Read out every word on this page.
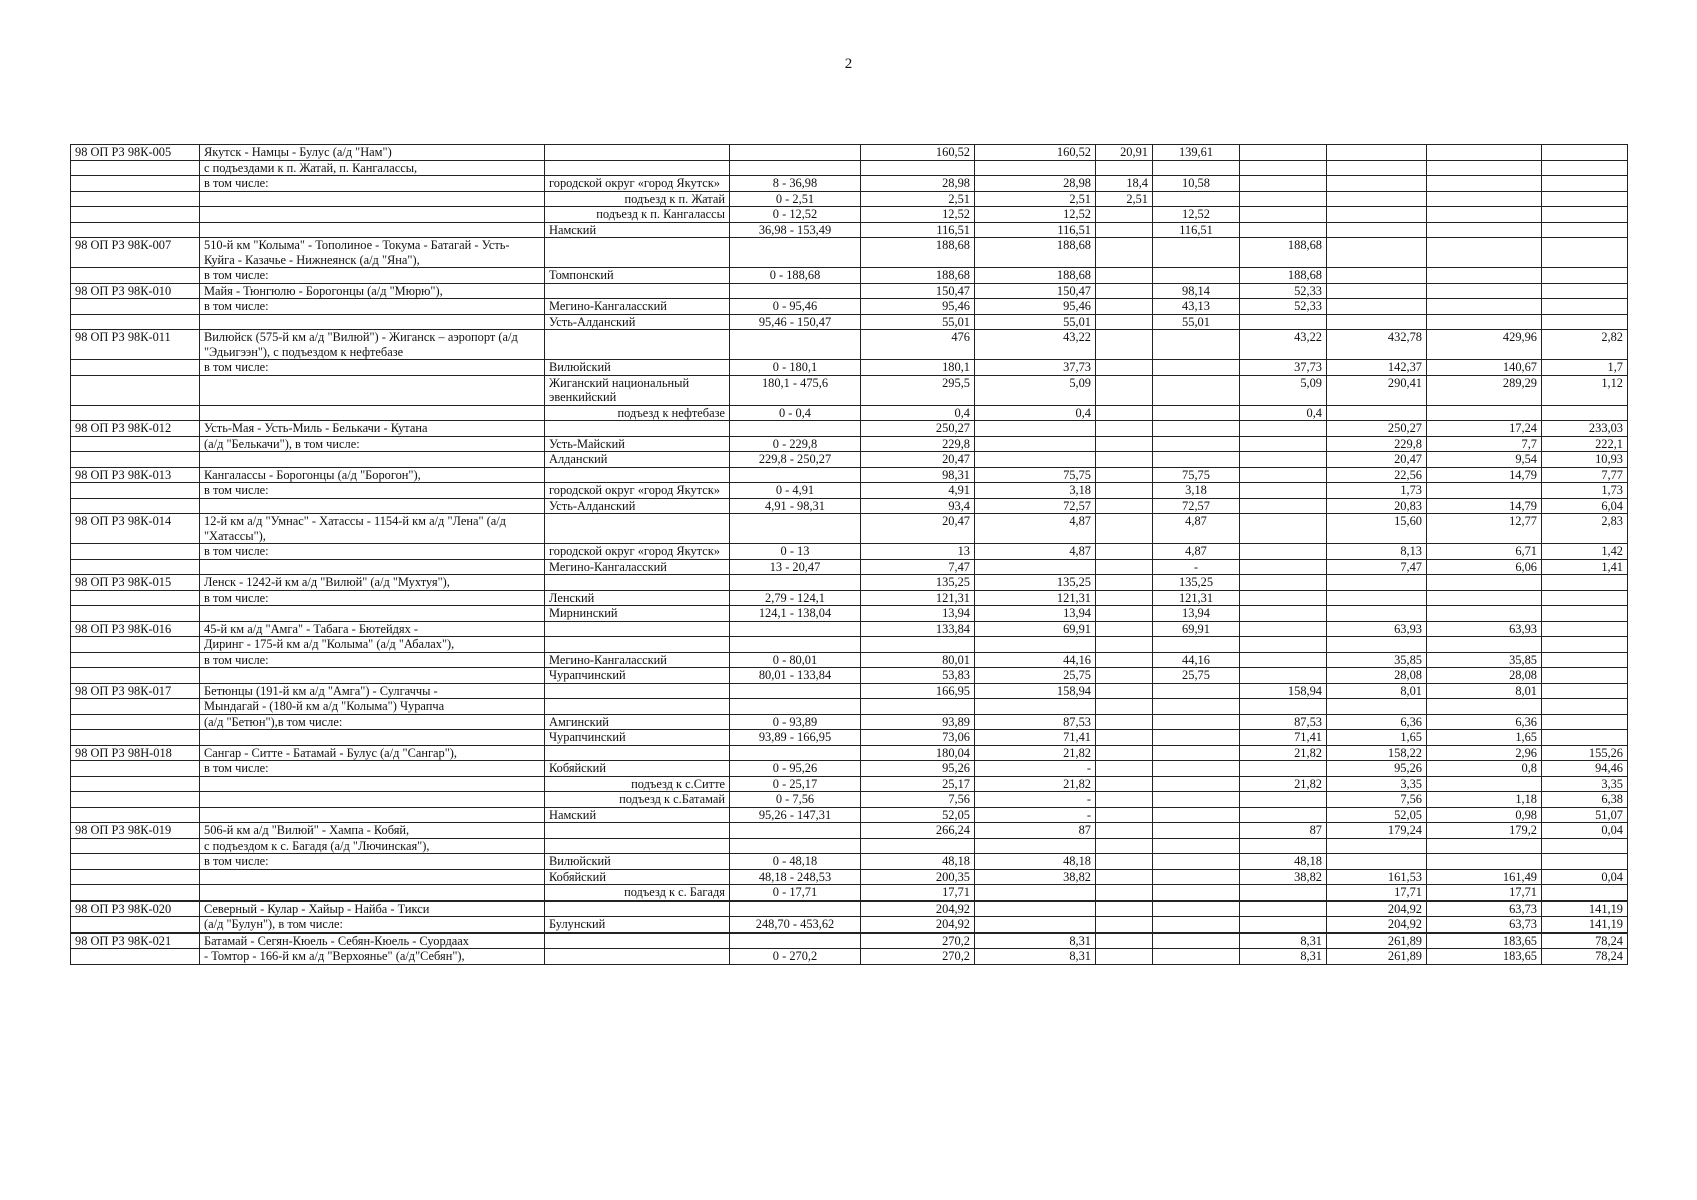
2
98 ОП РЗ 98К-005	Якутск - Намцы - Булус (а/д "Нам")			160,52	160,52	20,91	139,61				
	с подъездами к п. Жатай, п. Кангалассы,										
	в том числе:	городской округ «город Якутск»	8 - 36,98	28,98	28,98	18,4	10,58				
		подъезд к п. Жатай	0 - 2,51	2,51	2,51	2,51					
		подъезд к п. Кангалассы	0 - 12,52	12,52	12,52		12,52				
		Намский	36,98 - 153,49	116,51	116,51		116,51				
98 ОП РЗ 98К-007	510-й км "Колыма" - Тополиное - Токума - Батагай - Усть-Куйга - Казачье - Нижнеянск (а/д "Яна"),			188,68	188,68			188,68			
	в том числе:	Томпонский	0 - 188,68	188,68	188,68			188,68			
98 ОП РЗ 98К-010	Майя - Тюнгюлю - Борогонцы (а/д "Мюрю"),			150,47	150,47		98,14	52,33			
	в том числе:	Мегино-Кангаласский	0 - 95,46	95,46	95,46		43,13	52,33			
		Усть-Алданский	95,46 - 150,47	55,01	55,01		55,01				
98 ОП РЗ 98К-011	Вилюйск (575-й км а/д "Вилюй") - Жиганск – аэропорт (а/д "Эдьигээн"), с подъездом к нефтебазе			476	43,22			43,22	432,78	429,96	2,82
	в том числе:	Вилюйский	0 - 180,1	180,1	37,73			37,73	142,37	140,67	1,7
		Жиганский национальный эвенкийский	180,1 - 475,6	295,5	5,09			5,09	290,41	289,29	1,12
		подъезд к нефтебазе	0 - 0,4	0,4	0,4			0,4			
98 ОП РЗ 98К-012	Усть-Мая - Усть-Миль - Белькачи - Кутана			250,27					250,27	17,24	233,03
	(а/д "Белькачи"), в том числе:	Усть-Майский	0 - 229,8	229,8					229,8	7,7	222,1
		Алданский	229,8 - 250,27	20,47					20,47	9,54	10,93
98 ОП РЗ 98К-013	Кангалассы - Борогонцы (а/д "Борогон"),			98,31	75,75		75,75		22,56	14,79	7,77
	в том числе:	городской округ «город Якутск»	0 - 4,91	4,91	3,18		3,18		1,73		1,73
		Усть-Алданский	4,91 - 98,31	93,4	72,57		72,57		20,83	14,79	6,04
98 ОП РЗ 98К-014	12-й км а/д "Умнас" - Хатассы - 1154-й км а/д "Лена" (а/д "Хатассы"),			20,47	4,87		4,87		15,60	12,77	2,83
	в том числе:	городской округ «город Якутск»	0 - 13	13	4,87		4,87		8,13	6,71	1,42
		Мегино-Кангаласский	13 - 20,47	7,47			-		7,47	6,06	1,41
98 ОП РЗ 98К-015	Ленск - 1242-й км а/д "Вилюй" (а/д "Мухтуя"),			135,25	135,25		135,25				
	в том числе:	Ленский	2,79 - 124,1	121,31	121,31		121,31				
		Мирнинский	124,1 - 138,04	13,94	13,94		13,94				
98 ОП РЗ 98К-016	45-й км а/д "Амга" - Табага - Бютейдях -			133,84	69,91		69,91		63,93	63,93	
	Диринг - 175-й км а/д "Колыма" (а/д "Абалах"),										
	в том числе:	Мегино-Кангаласский	0 - 80,01	80,01	44,16		44,16		35,85	35,85	
		Чурапчинский	80,01 - 133,84	53,83	25,75		25,75		28,08	28,08	
98 ОП РЗ 98К-017	Бетюнцы (191-й км а/д "Амга") - Сулгаччы -			166,95	158,94			158,94	8,01	8,01	
	Мындагай - (180-й км а/д "Колыма") Чурапча										
	(а/д "Бетюн"),в том числе:	Амгинский	0 - 93,89	93,89	87,53			87,53	6,36	6,36	
		Чурапчинский	93,89 - 166,95	73,06	71,41			71,41	1,65	1,65	
98 ОП РЗ 98Н-018	Сангар - Ситте - Батамай - Булус (а/д "Сангар"),			180,04	21,82			21,82	158,22	2,96	155,26
	в том числе:	Кобяйский	0 - 95,26	95,26	-				95,26	0,8	94,46
		подъезд к с.Ситте	0 - 25,17	25,17	21,82			21,82	3,35		3,35
		подъезд к с.Батамай	0 - 7,56	7,56	-				7,56	1,18	6,38
		Намский	95,26 - 147,31	52,05	-				52,05	0,98	51,07
98 ОП РЗ 98К-019	506-й км а/д "Вилюй" - Хампа - Кобяй,			266,24	87			87	179,24	179,2	0,04
	с подъездом к с. Багадя (а/д "Лючинская"),										
	в том числе:	Вилюйский	0 - 48,18	48,18	48,18			48,18			
		Кобяйский	48,18 - 248,53	200,35	38,82			38,82	161,53	161,49	0,04
		подъезд к с. Багадя	0 - 17,71	17,71					17,71	17,71	

98 ОП РЗ 98К-020	Северный - Кулар - Хайыр - Найба - Тикси			204,92					204,92	63,73	141,19
	(а/д "Булун"), в том числе:	Булунский	248,70 - 453,62	204,92					204,92	63,73	141,19

98 ОП РЗ 98К-021	Батамай - Сегян-Кюель - Себян-Кюель - Суордаах			270,2	8,31			8,31	261,89	183,65	78,24
	- Томтор - 166-й км а/д "Верхоянье" (а/д"Себян"),		0 - 270,2	270,2	8,31			8,31	261,89	183,65	78,24
